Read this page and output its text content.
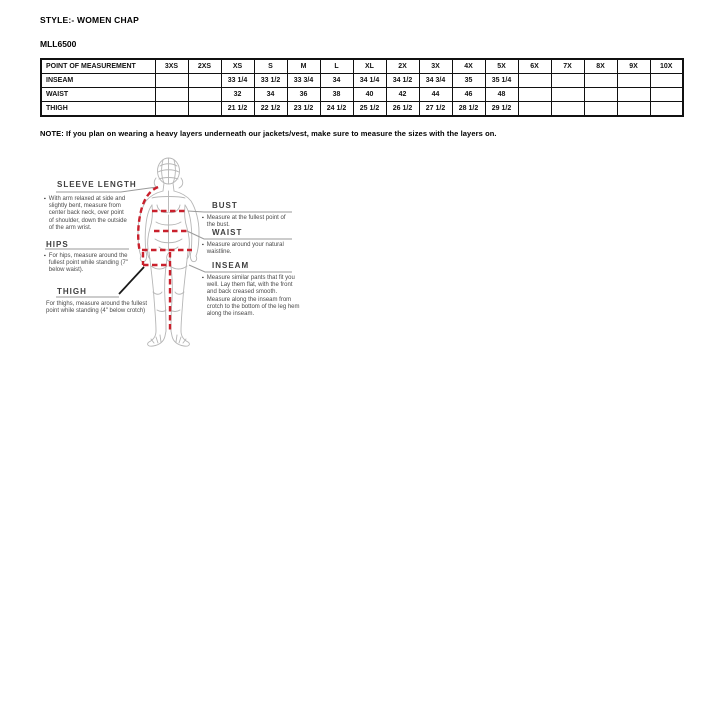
STYLE:- WOMEN CHAP
MLL6500
POINT OF MEASUREMENT	3XS	2XS	XS	S	M	L	XL	2X	3X	4X	5X	6X	7X	8X	9X	10X
INSEAM			33 1/4	33 1/2	33 3/4	34	34 1/4	34 1/2	34 3/4	35	35 1/4					
WAIST			32	34	36	38	40	42	44	46	48					
THIGH			21 1/2	22 1/2	23 1/2	24 1/2	25 1/2	26 1/2	27 1/2	28 1/2	29 1/2					
NOTE: If you plan on wearing a heavy layers underneath our jackets/vest, make sure to measure the sizes with the layers on.
SLEEVE LENGTH
▪ With arm relaxed at side and slightly bent, measure from center back neck, over point of shoulder, down the outside of the arm wrist.
HIPS
▪ For hips, measure around the fullest point while standing (7" below waist).
THIGH
For thighs, measure around the fullest point while standing (4" below crotch)
BUST
▪ Measure at the fullest point of the bust.
WAIST
▪ Measure around your natural waistline.
INSEAM
▪ Measure similar pants that fit you well. Lay them flat, with the front and back creased smooth. Measure along the inseam from crotch to the bottom of the leg hem along the inseam.
